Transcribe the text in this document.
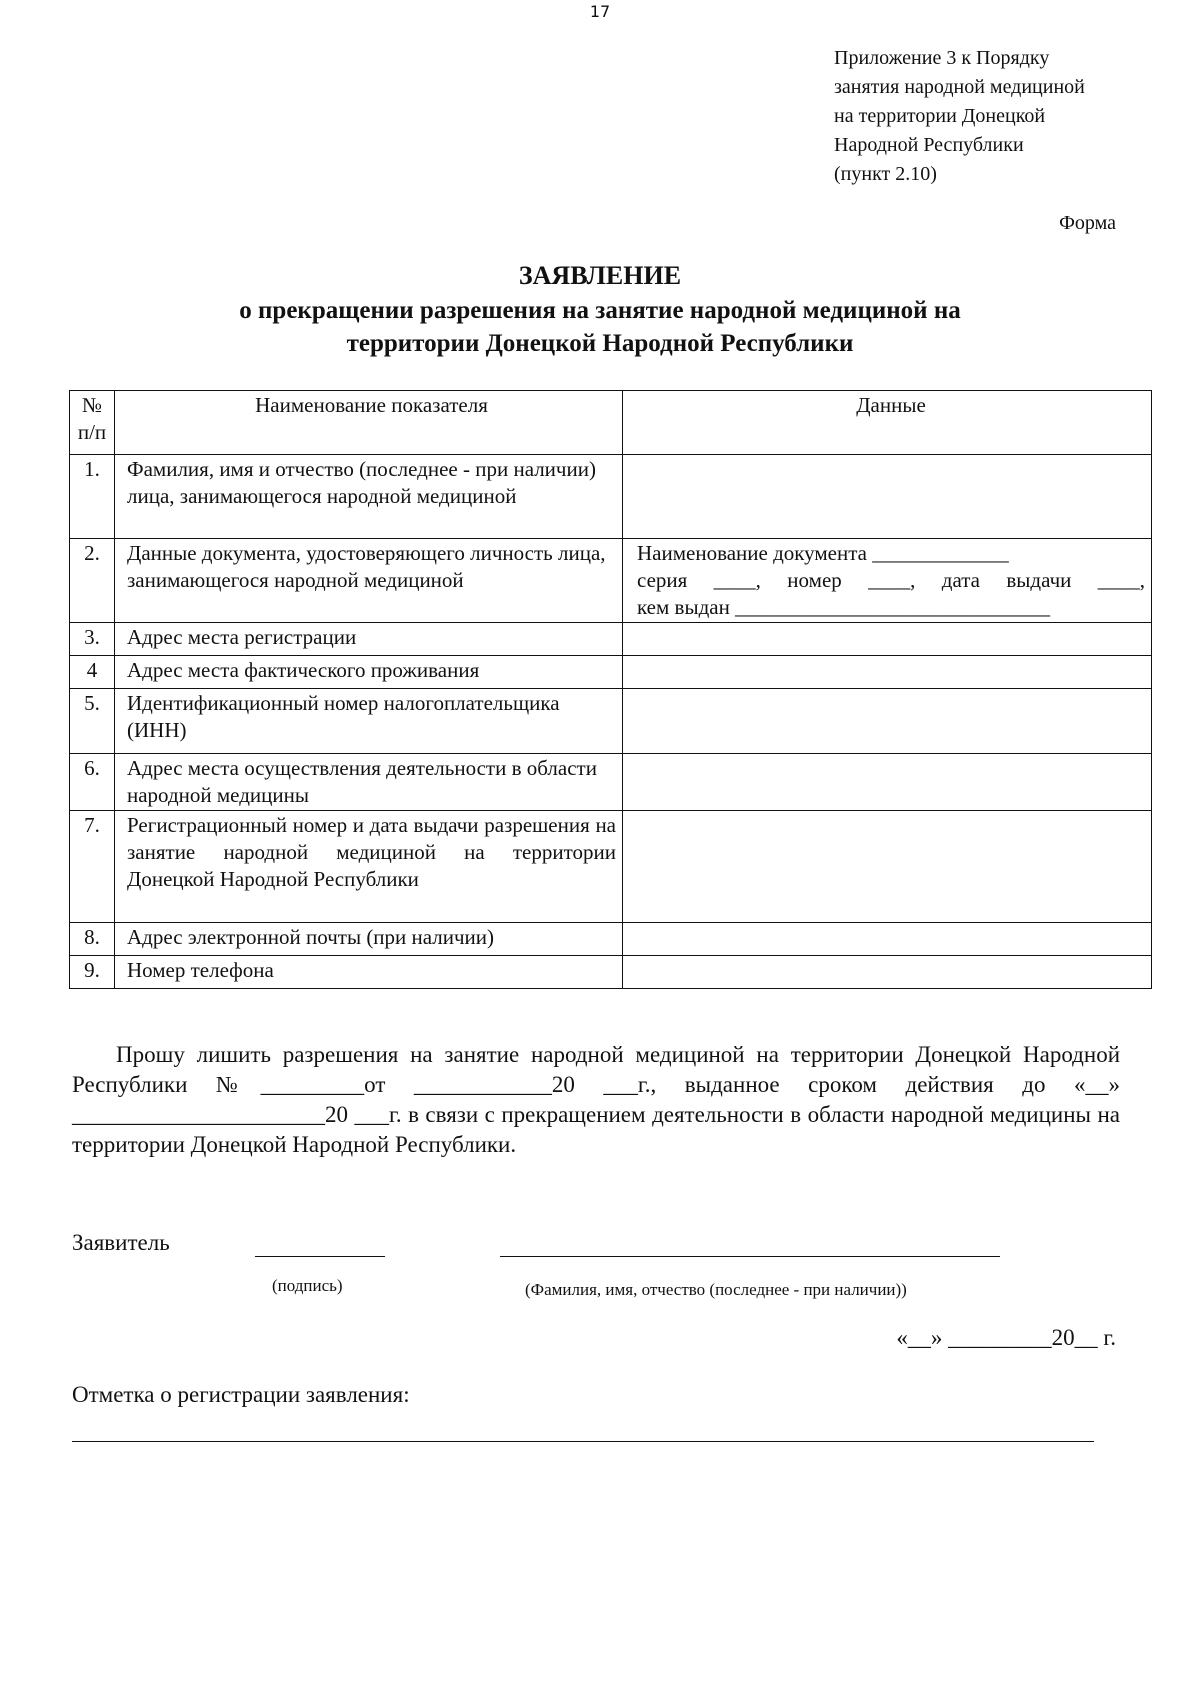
17
Приложение 3 к Порядку
занятия народной медициной
на территории Донецкой
Народной Республики
(пункт 2.10)
Форма
ЗАЯВЛЕНИЕ
о прекращении разрешения на занятие народной медициной на
территории Донецкой Народной Республики
№
п/п	Наименование показателя	Данные
1.	Фамилия, имя и отчество (последнее - при наличии) лица, занимающегося народной медициной	
2.	Данные документа, удостоверяющего личность лица, занимающегося народной медициной	Наименование документа _____________
серия ____, номер ____, дата выдачи ____,
кем выдан ______________________________

3.	Адрес места регистрации	
4	Адрес места фактического проживания	
5.	Идентификационный номер налогоплательщика (ИНН)	
6.	Адрес места осуществления деятельности в области народной медицины	
7.	Регистрационный номер и дата выдачи разрешения на занятие народной медициной на территории Донецкой Народной Республики	
8.	Адрес электронной почты (при наличии)	
9.	Номер телефона	
Прошу лишить разрешения на занятие народной медициной на территории Донецкой Народной Республики №_________от ____________20 ___г., выданное сроком действия до «__» ______________________20 ___г. в связи с прекращением деятельности в области народной медицины на территории Донецкой Народной Республики.
Заявитель
(подпись)	(Фамилия, имя, отчество (последнее - при наличии))
«__» _________20__ г.
Отметка о регистрации заявления:
